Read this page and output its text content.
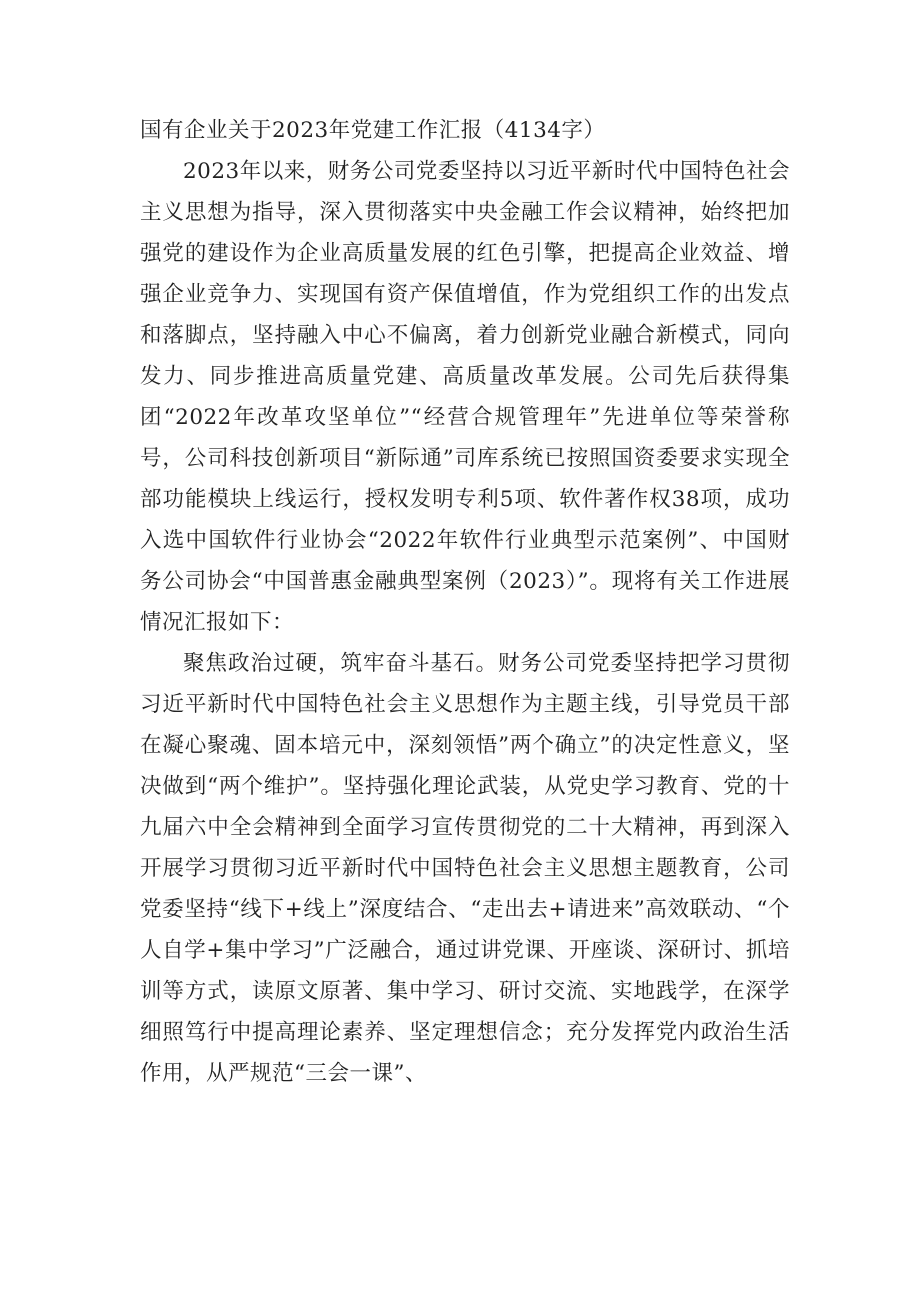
国有企业关于2023年党建工作汇报（4134字）

2023年以来，财务公司党委坚持以习近平新时代中国特色社会主义思想为指导，深入贯彻落实中央金融工作会议精神，始终把加强党的建设作为企业高质量发展的红色引擎，把提高企业效益、增强企业竞争力、实现国有资产保值增值，作为党组织工作的出发点和落脚点，坚持融入中心不偏离，着力创新党业融合新模式，同向发力、同步推进高质量党建、高质量改革发展。公司先后获得集团“2022年改革攻坚单位”“经营合规管理年”先进单位等荣誉称号，公司科技创新项目“新际通”司库系统已按照国资委要求实现全部功能模块上线运行，授权发明专利5项、软件著作权38项，成功入选中国软件行业协会“2022年软件行业典型示范案例”、中国财务公司协会“中国普惠金融典型案例（2023）”。现将有关工作进展情况汇报如下：

聚焦政治过硬，筑牢奋斗基石。财务公司党委坚持把学习贯彻习近平新时代中国特色社会主义思想作为主题主线，引导党员干部在凝心聚魂、固本培元中，深刻领悟”两个确立”的决定性意义，坚决做到“两个维护”。坚持强化理论武装，从党史学习教育、党的十九届六中全会精神到全面学习宣传贯彻党的二十大精神，再到深入开展学习贯彻习近平新时代中国特色社会主义思想主题教育，公司党委坚持“线下+线上”深度结合、“走出去+请进来”高效联动、“个人自学+集中学习”广泛融合，通过讲党课、开座谈、深研讨、抓培训等方式，读原文原著、集中学习、研讨交流、实地践学，在深学细照笃行中提高理论素养、坚定理想信念；充分发挥党内政治生活作用，从严规范“三会一课”、
